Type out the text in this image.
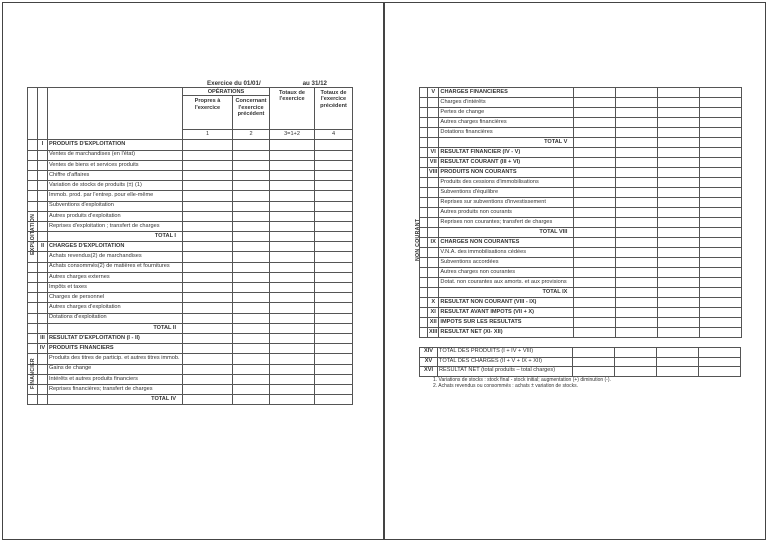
Exercice du 01/01/	au 31/12
			OPÉRATIONS		Totaux de l'exercice	Totaux de l'exercice précédent
			Propres à l'exercice	Concernant l'exercice précédent		
			1	2	3=1+2	4
	I	PRODUITS D'EXPLOITATION				
		Ventes de marchandises (en l'état)				
		Ventes de biens et services produits				
		Chiffre d'affaires				
		Variation de stocks de produits (±) (1)				
		Immob. prod. par l'entrep. pour elle-même				
		Subventions d'exploitation				
		Autres produits d'exploitation				
		Reprises d'exploitation ; transfert de charges				
		TOTAL I				
	II	CHARGES D'EXPLOITATION				
		Achats revendus(2) de marchandises				
		Achats consommés(2) de matières et fournitures				
		Autres charges externes				
		Impôts et taxes				
		Charges de personnel				
		Autres charges d'exploitation				
		Dotations d'exploitation				
		TOTAL II				
	III	RESULTAT D'EXPLOITATION (I - II)				
	IV	PRODUITS FINANCIERS				
		Produits des titres de particip. et autres titres immob.				
		Gains de change				
		Intérêts et autres produits financiers				
		Reprises financières; transfert de charges				
		TOTAL IV				
EXPLOITATION
FINANCIER
	V	CHARGES FINANCIERES				
		Charges d'intérêts				
		Pertes de change				
		Autres charges financières				
		Dotations financières				
		TOTAL V				
	VI	RESULTAT FINANCIER (IV - V)				
	VII	RESULTAT COURANT (III + VI)				
	VIII	PRODUITS NON COURANTS				
		Produits des cessions d'immobilisations				
		Subventions d'équilibre				
		Reprises sur subventions d'investissement				
		Autres produits non courants				
		Reprises non courantes; transfert de charges				
		TOTAL VIII				
	IX	CHARGES NON COURANTES				
		V.N.A. des immobilisations cédées				
		Subventions accordées				
		Autres charges non courantes				
		Dotat. non courantes aux amorts. et aux provisions				
		TOTAL IX				
	X	RESULTAT NON COURANT (VIII - IX)				
	XI	RESULTAT AVANT IMPOTS (VII + X)				
	XII	IMPOTS SUR LES RESULTATS				
	XIII	RESULTAT NET (XI- XII)				
NON COURANT
XIV	TOTAL DES PRODUITS (I + IV + VIII)				
XV	TOTAL DES CHARGES (II + V + IX + XII)				
XVI	RESULTAT NET (total produits – total charges)				
1. Variations de stocks : stock final - stock initial; augmentation (+) diminution (-).
2. Achats revendus ou consommés : achats ± variation de stocks.
